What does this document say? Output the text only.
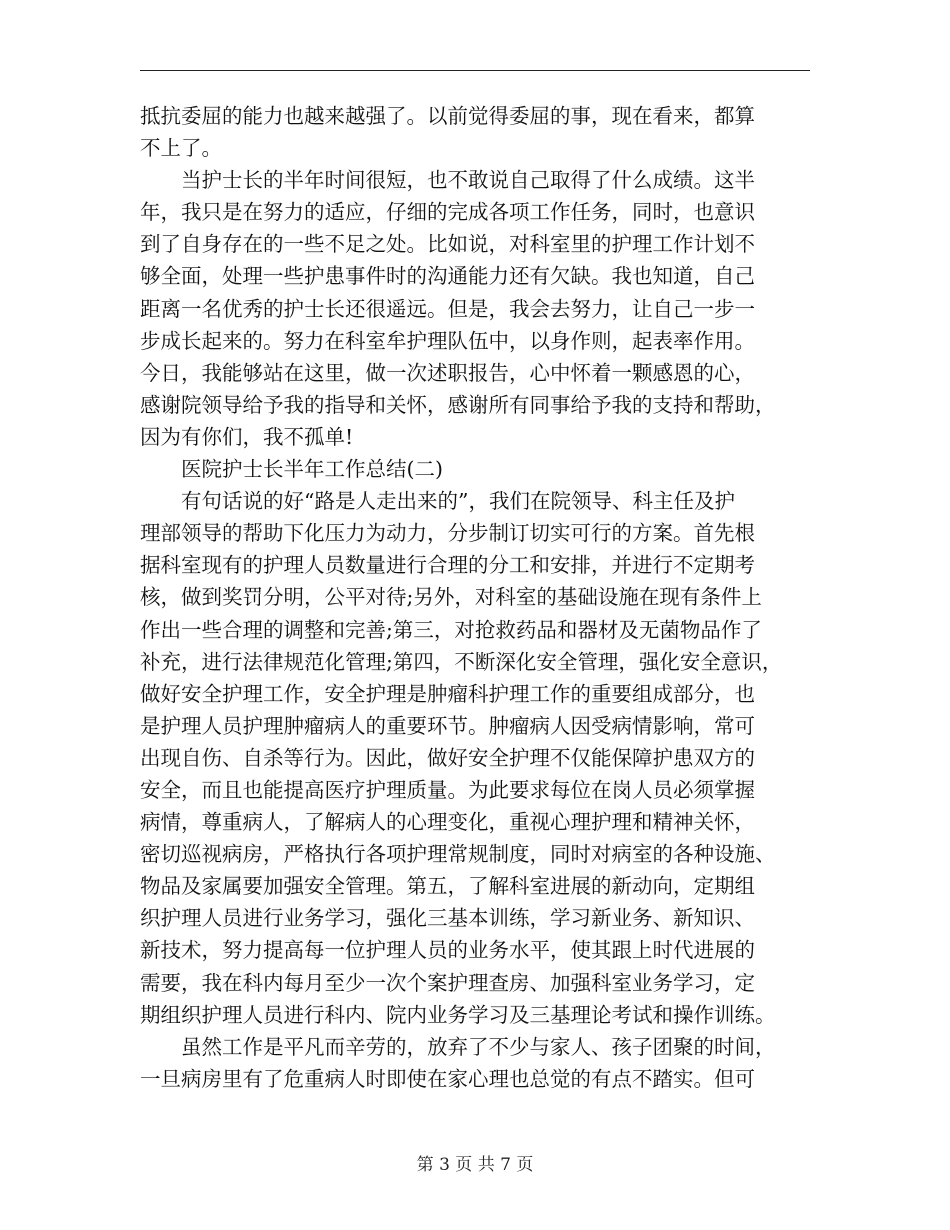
抵抗委屈的能力也越来越强了。以前觉得委屈的事，现在看来，都算
不上了。
　　当护士长的半年时间很短，也不敢说自己取得了什么成绩。这半
年，我只是在努力的适应，仔细的完成各项工作任务，同时，也意识
到了自身存在的一些不足之处。比如说，对科室里的护理工作计划不
够全面，处理一些护患事件时的沟通能力还有欠缺。我也知道，自己
距离一名优秀的护士长还很遥远。但是，我会去努力，让自己一步一
步成长起来的。努力在科室牟护理队伍中，以身作则，起表率作用。
今日，我能够站在这里，做一次述职报告，心中怀着一颗感恩的心，
感谢院领导给予我的指导和关怀，感谢所有同事给予我的支持和帮助，
因为有你们，我不孤单!
　　医院护士长半年工作总结(二)
　　有句话说的好“路是人走出来的”，我们在院领导、科主任及护
理部领导的帮助下化压力为动力，分步制订切实可行的方案。首先根
据科室现有的护理人员数量进行合理的分工和安排，并进行不定期考
核，做到奖罚分明，公平对待;另外，对科室的基础设施在现有条件上
作出一些合理的调整和完善;第三，对抢救药品和器材及无菌物品作了
补充，进行法律规范化管理;第四，不断深化安全管理，强化安全意识，
做好安全护理工作，安全护理是肿瘤科护理工作的重要组成部分，也
是护理人员护理肿瘤病人的重要环节。肿瘤病人因受病情影响，常可
出现自伤、自杀等行为。因此，做好安全护理不仅能保障护患双方的
安全，而且也能提高医疗护理质量。为此要求每位在岗人员必须掌握
病情，尊重病人，了解病人的心理变化，重视心理护理和精神关怀，
密切巡视病房，严格执行各项护理常规制度，同时对病室的各种设施、
物品及家属要加强安全管理。第五，了解科室进展的新动向，定期组
织护理人员进行业务学习，强化三基本训练，学习新业务、新知识、
新技术，努力提高每一位护理人员的业务水平，使其跟上时代进展的
需要，我在科内每月至少一次个案护理查房、加强科室业务学习，定
期组织护理人员进行科内、院内业务学习及三基理论考试和操作训练。
　　虽然工作是平凡而辛劳的，放弃了不少与家人、孩子团聚的时间，
一旦病房里有了危重病人时即使在家心理也总觉的有点不踏实。但可
第 3 页 共 7 页
